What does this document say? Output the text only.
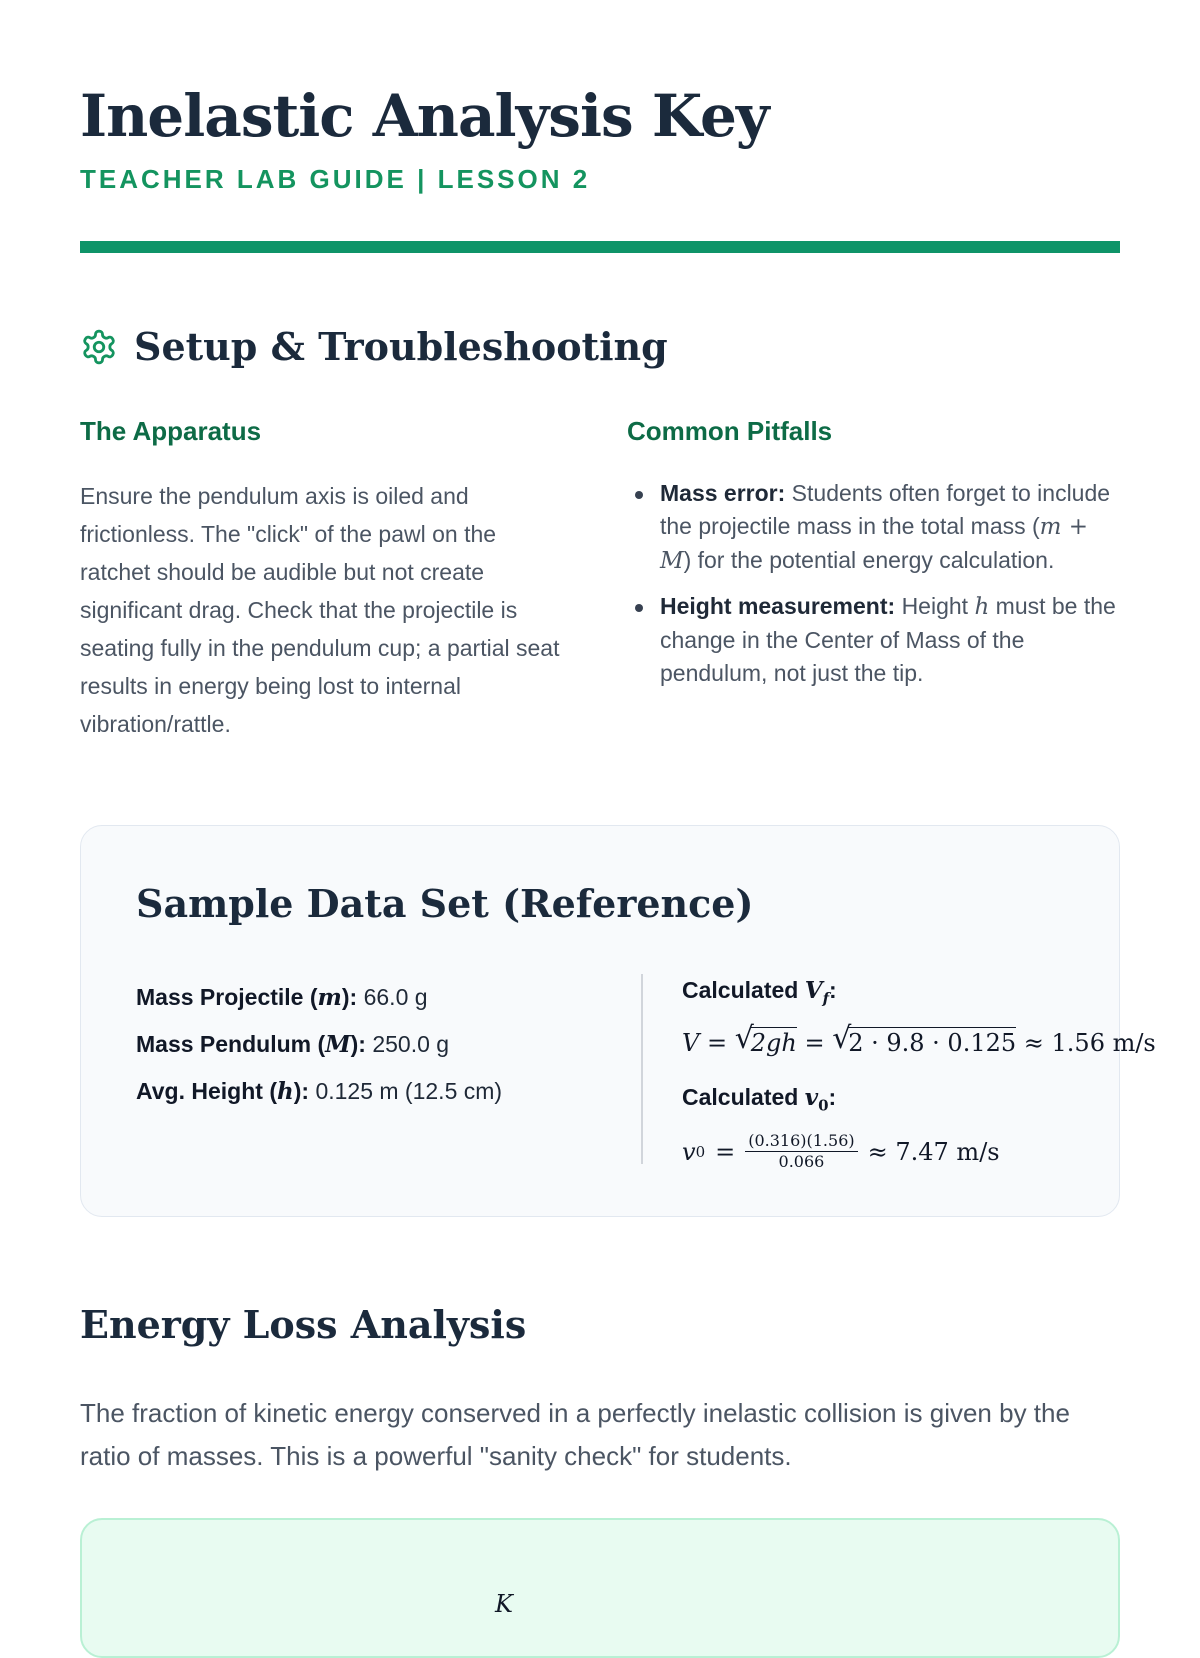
Inelastic Analysis Key
TEACHER LAB GUIDE | LESSON 2
Setup & Troubleshooting
The Apparatus

Ensure the pendulum axis is oiled and frictionless. The "click" of the pawl on the ratchet should be audible but not create significant drag. Check that the projectile is seating fully in the pendulum cup; a partial seat results in energy being lost to internal vibration/rattle.

Common Pitfalls
Mass error: Students often forget to include the projectile mass in the total mass (m + M) for the potential energy calculation.
Height measurement: Height h must be the change in the Center of Mass of the pendulum, not just the tip.
Sample Data Set (Reference)
Mass Projectile (m): 66.0 g
Mass Pendulum (M): 250.0 g
Avg. Height (h): 0.125 m (12.5 cm)
Calculated $V_f$:
V = √ 2gh = √ 2 · 9.8 · 0.125 ≈ 1.56 m/s
Calculated $v_0$:
v $0 = \frac{(0.316)(1.56)}{0.066} \approx 7.47$ m/s
Energy Loss Analysis

The fraction of kinetic energy conserved in a perfectly inelastic collision is given by the ratio of masses. This is a powerful "sanity check" for students.

K
